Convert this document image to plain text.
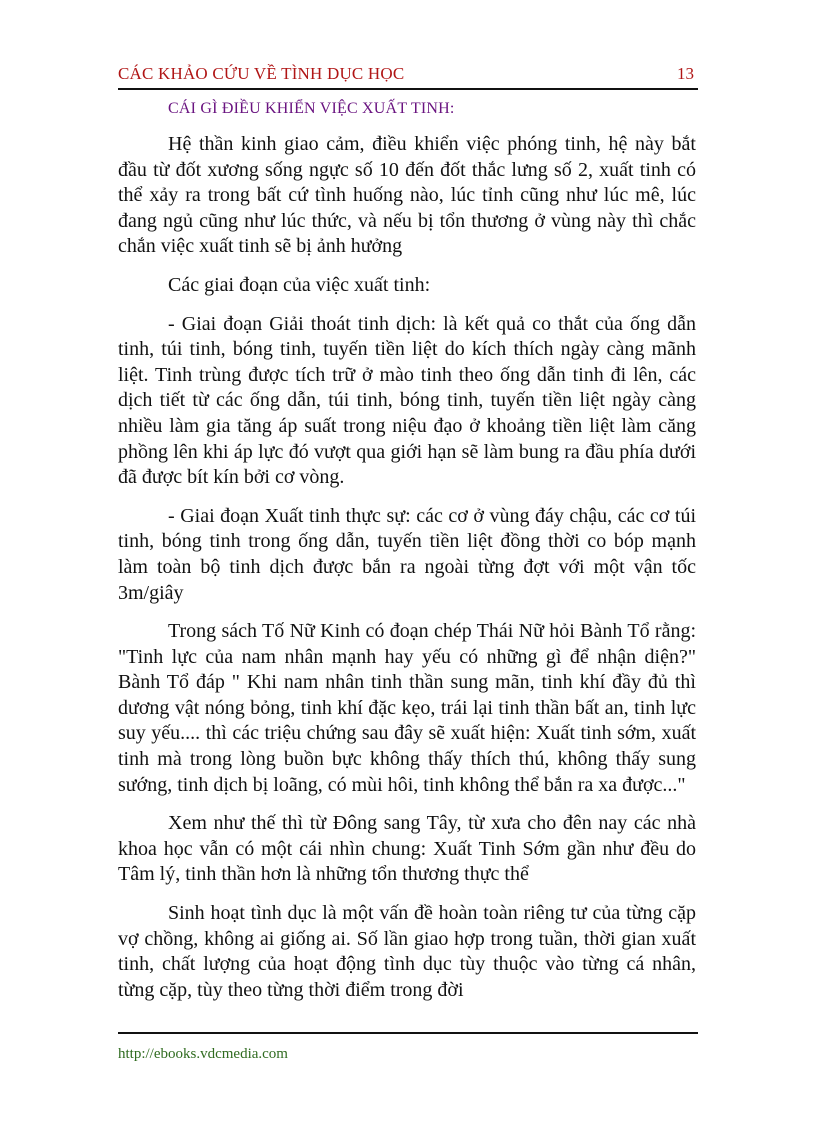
CÁC KHẢO CỨU VỀ TÌNH DỤC HỌC	13
CÁI GÌ ĐIỀU KHIỂN VIỆC XUẤT TINH:

Hệ thần kinh giao cảm, điều khiển việc phóng tinh, hệ này bắt đầu từ đốt xương sống ngực số 10 đến đốt thắc lưng số 2, xuất tinh có thể xảy ra trong bất cứ tình huống nào, lúc tỉnh cũng như lúc mê, lúc đang ngủ cũng như lúc thức, và nếu bị tổn thương ở vùng này thì chắc chắn việc xuất tinh sẽ bị ảnh hưởng

Các giai đoạn của việc xuất tinh:

- Giai đoạn Giải thoát tinh dịch: là kết quả co thắt của ống dẫn tinh, túi tinh, bóng tinh, tuyến tiền liệt do kích thích ngày càng mãnh liệt. Tinh trùng được tích trữ ở mào tinh theo ống dẫn tinh đi lên, các dịch tiết từ các ống dẫn, túi tinh, bóng tinh, tuyến tiền liệt ngày càng nhiều làm gia tăng áp suất trong niệu đạo ở khoảng tiền liệt làm căng phồng lên khi áp lực đó vượt qua giới hạn sẽ làm bung ra đầu phía dưới đã được bít kín bởi cơ vòng.

- Giai đoạn Xuất tinh thực sự: các cơ ở vùng đáy chậu, các cơ túi tinh, bóng tinh trong ống dẫn, tuyến tiền liệt đồng thời co bóp mạnh làm toàn bộ tinh dịch được bắn ra ngoài từng đợt với một vận tốc 3m/giây

Trong sách Tố Nữ Kinh có đoạn chép Thái Nữ hỏi Bành Tổ rằng: "Tinh lực của nam nhân mạnh hay yếu có những gì để nhận diện?" Bành Tổ đáp " Khi nam nhân tinh thần sung mãn, tinh khí đầy đủ thì dương vật nóng bỏng, tinh khí đặc kẹo, trái lại tinh thần bất an, tinh lực suy yếu.... thì các triệu chứng sau đây sẽ xuất hiện: Xuất tinh sớm, xuất tinh mà trong lòng buồn bực không thấy thích thú, không thấy sung sướng, tinh dịch bị loãng, có mùi hôi, tinh không thể bắn ra xa được..."

Xem như thế thì từ Đông sang Tây, từ xưa cho đên nay các nhà khoa học vẫn có một cái nhìn chung: Xuất Tinh Sớm gần như đều do Tâm lý, tinh thần hơn là những tổn thương thực thể

Sinh hoạt tình dục là một vấn đề hoàn toàn riêng tư của từng cặp vợ chồng, không ai giống ai. Số lần giao hợp trong tuần, thời gian xuất tinh, chất lượng của hoạt động tình dục tùy thuộc vào từng cá nhân, từng cặp, tùy theo từng thời điểm trong đời

http://ebooks.vdcmedia.com
